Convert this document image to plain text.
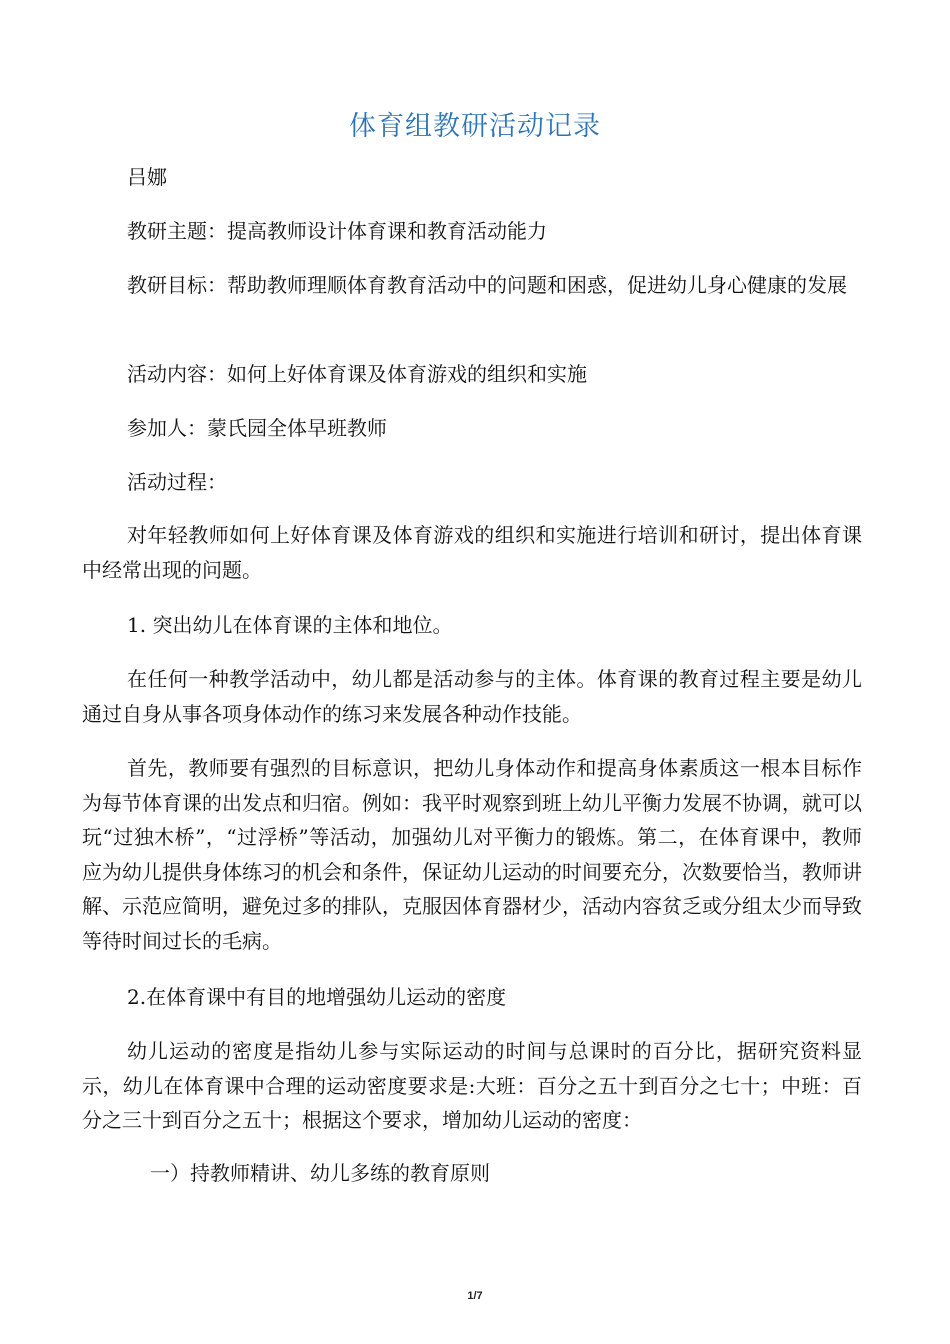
体育组教研活动记录

吕娜

教研主题：提高教师设计体育课和教育活动能力

教研目标：帮助教师理顺体育教育活动中的问题和困惑，促进幼儿身心健康的发展

活动内容：如何上好体育课及体育游戏的组织和实施

参加人：蒙氏园全体早班教师

活动过程：

对年轻教师如何上好体育课及体育游戏的组织和实施进行培训和研讨，提出体育课中经常出现的问题。

1. 突出幼儿在体育课的主体和地位。

在任何一种教学活动中，幼儿都是活动参与的主体。体育课的教育过程主要是幼儿通过自身从事各项身体动作的练习来发展各种动作技能。

首先，教师要有强烈的目标意识，把幼儿身体动作和提高身体素质这一根本目标作为每节体育课的出发点和归宿。例如：我平时观察到班上幼儿平衡力发展不协调，就可以玩“过独木桥”，“过浮桥”等活动，加强幼儿对平衡力的锻炼。第二，在体育课中，教师应为幼儿提供身体练习的机会和条件，保证幼儿运动的时间要充分，次数要恰当，教师讲解、示范应简明，避免过多的排队，克服因体育器材少，活动内容贫乏或分组太少而导致等待时间过长的毛病。

2.在体育课中有目的地增强幼儿运动的密度

幼儿运动的密度是指幼儿参与实际运动的时间与总课时的百分比，据研究资料显示，幼儿在体育课中合理的运动密度要求是:大班：百分之五十到百分之七十；中班：百分之三十到百分之五十；根据这个要求，增加幼儿运动的密度：

一）持教师精讲、幼儿多练的教育原则

1/7
